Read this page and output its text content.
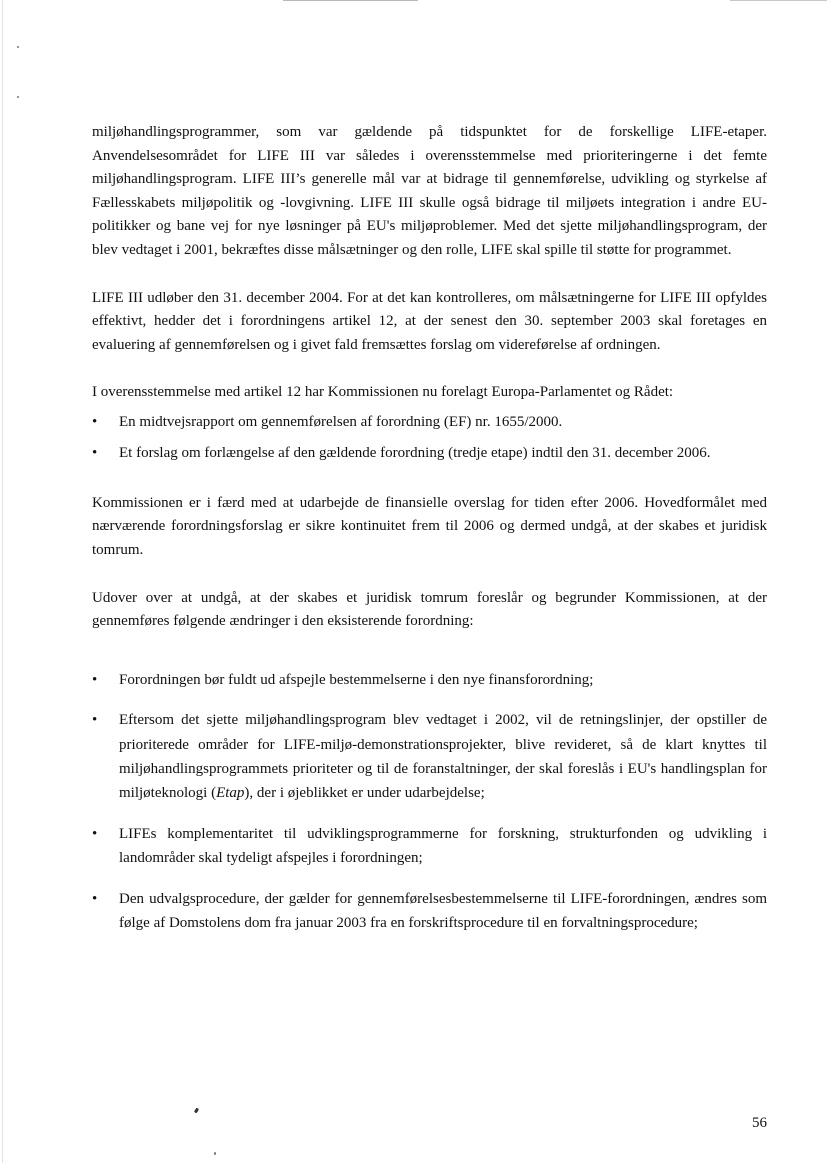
miljøhandlingsprogrammer, som var gældende på tidspunktet for de forskellige LIFE-etaper. Anvendelsesområdet for LIFE III var således i overensstemmelse med prioriteringerne i det femte miljøhandlingsprogram. LIFE III’s generelle mål var at bidrage til gennemførelse, udvikling og styrkelse af Fællesskabets miljøpolitik og -lovgivning. LIFE III skulle også bidrage til miljøets integration i andre EU-politikker og bane vej for nye løsninger på EU's miljøproblemer. Med det sjette miljøhandlingsprogram, der blev vedtaget i 2001, bekræftes disse målsætninger og den rolle, LIFE skal spille til støtte for programmet.

LIFE III udløber den 31. december 2004. For at det kan kontrolleres, om målsætningerne for LIFE III opfyldes effektivt, hedder det i forordningens artikel 12, at der senest den 30. september 2003 skal foretages en evaluering af gennemførelsen og i givet fald fremsættes forslag om videreførelse af ordningen.

I overensstemmelse med artikel 12 har Kommissionen nu forelagt Europa-Parlamentet og Rådet:

• En midtvejsrapport om gennemførelsen af forordning (EF) nr. 1655/2000.
• Et forslag om forlængelse af den gældende forordning (tredje etape) indtil den 31. december 2006.

Kommissionen er i færd med at udarbejde de finansielle overslag for tiden efter 2006. Hovedformålet med nærværende forordningsforslag er sikre kontinuitet frem til 2006 og dermed undgå, at der skabes et juridisk tomrum.

Udover over at undgå, at der skabes et juridisk tomrum foreslår og begrunder Kommissionen, at der gennemføres følgende ændringer i den eksisterende forordning:

• Forordningen bør fuldt ud afspejle bestemmelserne i den nye finansforordning;
• Eftersom det sjette miljøhandlingsprogram blev vedtaget i 2002, vil de retningslinjer, der opstiller de prioriterede områder for LIFE-miljø-demonstrationsprojekter, blive revideret, så de klart knyttes til miljøhandlingsprogrammets prioriteter og til de foranstaltninger, der skal foreslås i EU's handlingsplan for miljøteknologi (Etap), der i øjeblikket er under udarbejdelse;
• LIFEs komplementaritet til udviklingsprogrammerne for forskning, strukturfonden og udvikling i landområder skal tydeligt afspejles i forordningen;
• Den udvalgsprocedure, der gælder for gennemførelsesbestemmelserne til LIFE-forordningen, ændres som følge af Domstolens dom fra januar 2003 fra en forskriftsprocedure til en forvaltningsprocedure;
56
